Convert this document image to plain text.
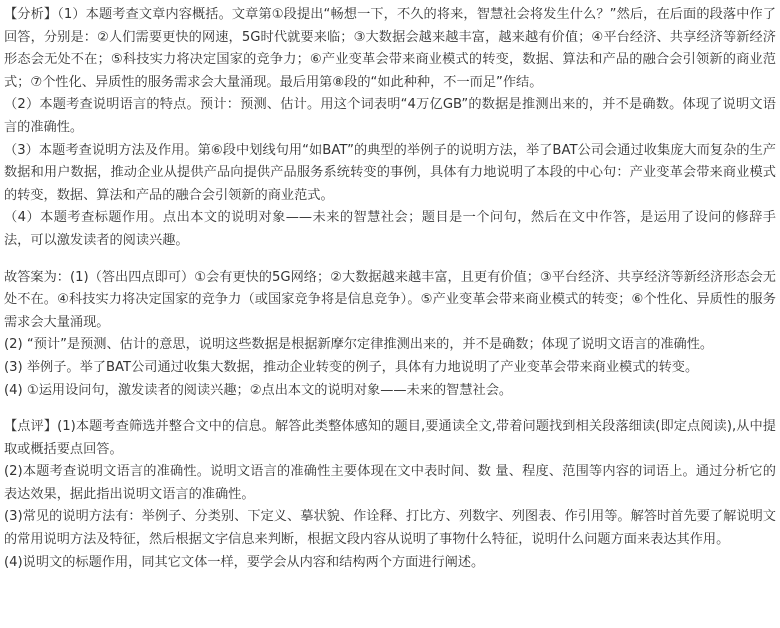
【分析】（1）本题考查文章内容概括。文章第①段提出“畅想一下，不久的将来，智慧社会将发生什么？”然后，在后面的段落中作了回答，分别是：②人们需要更快的网速，5G时代就要来临；③大数据会越来越丰富，越来越有价值；④平台经济、共享经济等新经济形态会无处不在；⑤科技实力将决定国家的竞争力；⑥产业变革会带来商业模式的转变，数据、算法和产品的融合会引领新的商业范式；⑦个性化、异质性的服务需求会大量涌现。最后用第⑧段的“如此种种，不一而足”作结。

（2）本题考查说明语言的特点。预计：预测、估计。用这个词表明“4万亿GB”的数据是推测出来的，并不是确数。体现了说明文语言的准确性。

（3）本题考查说明方法及作用。第⑥段中划线句用“如BAT”的典型的举例子的说明方法，举了BAT公司会通过收集庞大而复杂的生产数据和用户数据，推动企业从提供产品向提供产品服务系统转变的事例，具体有力地说明了本段的中心句：产业变革会带来商业模式的转变，数据、算法和产品的融合会引领新的商业范式。

（4）本题考查标题作用。点出本文的说明对象——未来的智慧社会；题目是一个问句，然后在文中作答，是运用了设问的修辞手法，可以激发读者的阅读兴趣。

故答案为：(1)（答出四点即可）①会有更快的5G网络；②大数据越来越丰富，且更有价值；③平台经济、共享经济等新经济形态会无处不在。④科技实力将决定国家的竞争力（或国家竞争将是信息竞争）。⑤产业变革会带来商业模式的转变；⑥个性化、异质性的服务需求会大量涌现。

(2) “预计”是预测、估计的意思，说明这些数据是根据新摩尔定律推测出来的，并不是确数；体现了说明文语言的准确性。

(3) 举例子。举了BAT公司通过收集大数据，推动企业转变的例子，具体有力地说明了产业变革会带来商业模式的转变。

(4) ①运用设问句，激发读者的阅读兴趣；②点出本文的说明对象——未来的智慧社会。

【点评】(1)本题考查筛选并整合文中的信息。解答此类整体感知的题目,要通读全文,带着问题找到相关段落细读(即定点阅读),从中提取或概括要点回答。

(2)本题考查说明文语言的准确性。说明文语言的准确性主要体现在文中表时间、数 量、程度、范围等内容的词语上。通过分析它的表达效果，据此指出说明文语言的准确性。

(3)常见的说明方法有：举例子、分类别、下定义、摹状貌、作诠释、打比方、列数字、列图表、作引用等。解答时首先要了解说明文的常用说明方法及特征，然后根据文字信息来判断，根据文段内容从说明了事物什么特征，说明什么问题方面来表达其作用。

(4)说明文的标题作用，同其它文体一样，要学会从内容和结构两个方面进行阐述。
